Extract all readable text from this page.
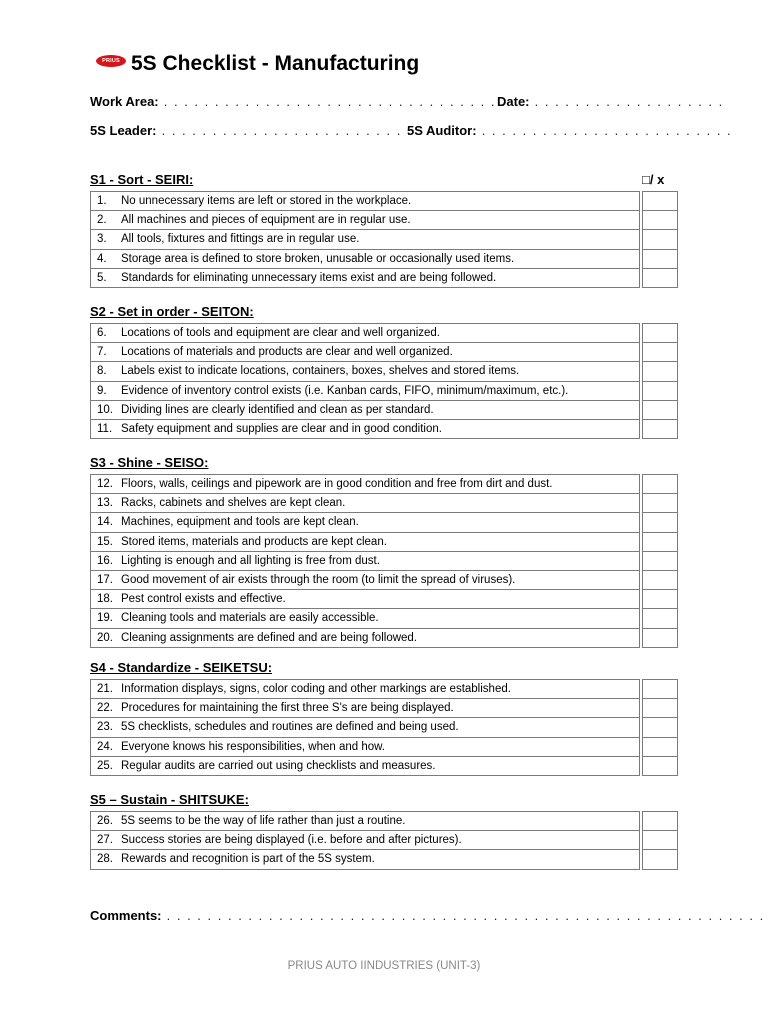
PRIUS 5S Checklist - Manufacturing
Work Area: . . . . . . . . . . . . . . . . . . . . . . . . . . . . . . . . . .
Date: . . . . . . . . . . . . . . . . . . .
5S Leader: . . . . . . . . . . . . . . . . . . . . . . . . .
5S Auditor: . . . . . . . . . . . . . . . . . . . . . . . . .
□/ x
S1 - Sort - SEIRI:
1. No unnecessary items are left or stored in the workplace.		
2. All machines and pieces of equipment are in regular use.		
3. All tools, fixtures and fittings are in regular use.		
4. Storage area is defined to store broken, unusable or occasionally used items.		
5. Standards for eliminating unnecessary items exist and are being followed.		
S2 - Set in order - SEITON:
6. Locations of tools and equipment are clear and well organized.		
7. Locations of materials and products are clear and well organized.		
8. Labels exist to indicate locations, containers, boxes, shelves and stored items.		
9. Evidence of inventory control exists (i.e. Kanban cards, FIFO, minimum/maximum, etc.).		
10. Dividing lines are clearly identified and clean as per standard.		
11. Safety equipment and supplies are clear and in good condition.		
S3 - Shine - SEISO:
12. Floors, walls, ceilings and pipework are in good condition and free from dirt and dust.		
13. Racks, cabinets and shelves are kept clean.		
14. Machines, equipment and tools are kept clean.		
15. Stored items, materials and products are kept clean.		
16. Lighting is enough and all lighting is free from dust.		
17. Good movement of air exists through the room (to limit the spread of viruses).		
18. Pest control exists and effective.		
19. Cleaning tools and materials are easily accessible.		
20. Cleaning assignments are defined and are being followed.		
S4 - Standardize - SEIKETSU:
21. Information displays, signs, color coding and other markings are established.		
22. Procedures for maintaining the first three S's are being displayed.		
23. 5S checklists, schedules and routines are defined and being used.		
24. Everyone knows his responsibilities, when and how.		
25. Regular audits are carried out using checklists and measures.		
S5 – Sustain - SHITSUKE:
26. 5S seems to be the way of life rather than just a routine.		
27. Success stories are being displayed (i.e. before and after pictures).		
28. Rewards and recognition is part of the 5S system.		
Comments: . . . . . . . . . . . . . . . . . . . . . . . . . . . . . . . . . . . . . . . . . . . . . . . . . . . . . . . . . . .
PRIUS AUTO IINDUSTRIES (UNIT-3)
